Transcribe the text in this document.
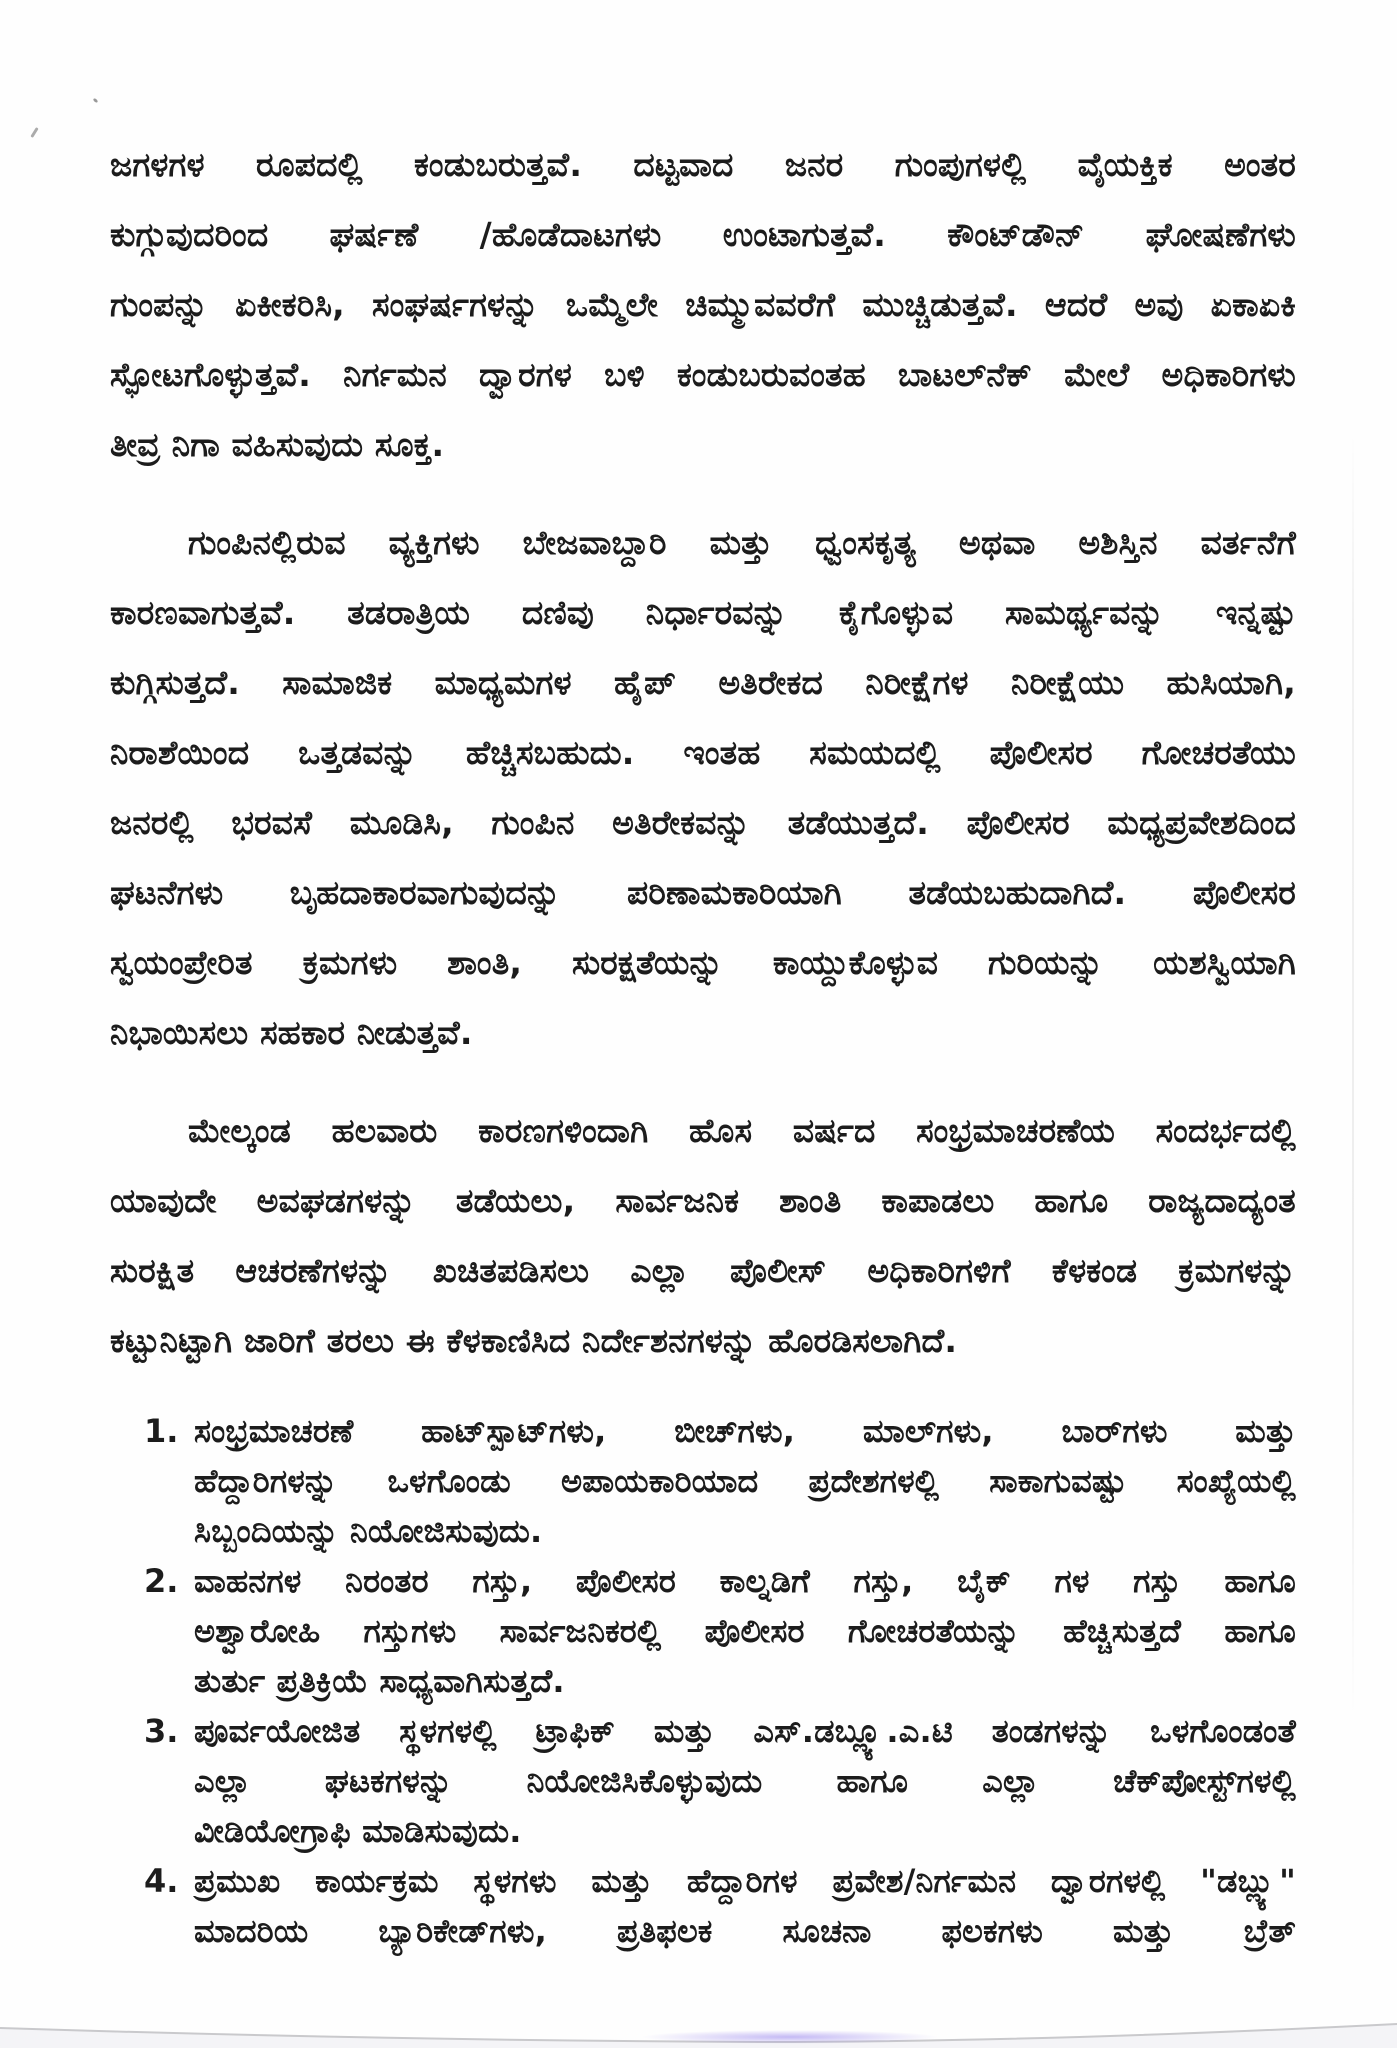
ಜಗಳಗಳ ರೂಪದಲ್ಲಿ ಕಂಡುಬರುತ್ತವೆ. ದಟ್ಟವಾದ ಜನರ ಗುಂಪುಗಳಲ್ಲಿ ವೈಯಕ್ತಿಕ ಅಂತರ
ಕುಗ್ಗುವುದರಿಂದ ಘರ್ಷಣೆ /ಹೊಡೆದಾಟಗಳು ಉಂಟಾಗುತ್ತವೆ. ಕೌಂಟ್‌ಡೌನ್ ಘೋಷಣೆಗಳು
ಗುಂಪನ್ನು ಏಕೀಕರಿಸಿ, ಸಂಘರ್ಷಗಳನ್ನು ಒಮ್ಮೆಲೇ ಚಿಮ್ಮುವವರೆಗೆ ಮುಚ್ಚಿಡುತ್ತವೆ. ಆದರೆ ಅವು ಏಕಾಏಕಿ
ಸ್ಫೋಟಗೊಳ್ಳುತ್ತವೆ. ನಿರ್ಗಮನ ದ್ವಾರಗಳ ಬಳಿ ಕಂಡುಬರುವಂತಹ ಬಾಟಲ್‌ನೆಕ್ ಮೇಲೆ ಅಧಿಕಾರಿಗಳು
ತೀವ್ರ ನಿಗಾ ವಹಿಸುವುದು ಸೂಕ್ತ.
ಗುಂಪಿನಲ್ಲಿರುವ ವ್ಯಕ್ತಿಗಳು ಬೇಜವಾಬ್ದಾರಿ ಮತ್ತು ಧ್ವಂಸಕೃತ್ಯ ಅಥವಾ ಅಶಿಸ್ತಿನ ವರ್ತನೆಗೆ
ಕಾರಣವಾಗುತ್ತವೆ. ತಡರಾತ್ರಿಯ ದಣಿವು ನಿರ್ಧಾರವನ್ನು ಕೈಗೊಳ್ಳುವ ಸಾಮರ್ಥ್ಯವನ್ನು ಇನ್ನಷ್ಟು
ಕುಗ್ಗಿಸುತ್ತದೆ. ಸಾಮಾಜಿಕ ಮಾಧ್ಯಮಗಳ ಹೈಪ್ ಅತಿರೇಕದ ನಿರೀಕ್ಷೆಗಳ ನಿರೀಕ್ಷೆಯು ಹುಸಿಯಾಗಿ,
ನಿರಾಶೆಯಿಂದ ಒತ್ತಡವನ್ನು ಹೆಚ್ಚಿಸಬಹುದು. ಇಂತಹ ಸಮಯದಲ್ಲಿ ಪೊಲೀಸರ ಗೋಚರತೆಯು
ಜನರಲ್ಲಿ ಭರವಸೆ ಮೂಡಿಸಿ, ಗುಂಪಿನ ಅತಿರೇಕವನ್ನು ತಡೆಯುತ್ತದೆ. ಪೊಲೀಸರ ಮಧ್ಯಪ್ರವೇಶದಿಂದ
ಘಟನೆಗಳು ಬೃಹದಾಕಾರವಾಗುವುದನ್ನು ಪರಿಣಾಮಕಾರಿಯಾಗಿ ತಡೆಯಬಹುದಾಗಿದೆ. ಪೊಲೀಸರ
ಸ್ವಯಂಪ್ರೇರಿತ ಕ್ರಮಗಳು ಶಾಂತಿ, ಸುರಕ್ಷತೆಯನ್ನು ಕಾಯ್ದುಕೊಳ್ಳುವ ಗುರಿಯನ್ನು ಯಶಸ್ವಿಯಾಗಿ
ನಿಭಾಯಿಸಲು ಸಹಕಾರ ನೀಡುತ್ತವೆ.
ಮೇಲ್ಕಂಡ ಹಲವಾರು ಕಾರಣಗಳಿಂದಾಗಿ ಹೊಸ ವರ್ಷದ ಸಂಭ್ರಮಾಚರಣೆಯ ಸಂದರ್ಭದಲ್ಲಿ
ಯಾವುದೇ ಅವಘಡಗಳನ್ನು ತಡೆಯಲು, ಸಾರ್ವಜನಿಕ ಶಾಂತಿ ಕಾಪಾಡಲು ಹಾಗೂ ರಾಜ್ಯದಾದ್ಯಂತ
ಸುರಕ್ಷಿತ ಆಚರಣೆಗಳನ್ನು ಖಚಿತಪಡಿಸಲು ಎಲ್ಲಾ ಪೊಲೀಸ್ ಅಧಿಕಾರಿಗಳಿಗೆ ಕೆಳಕಂಡ ಕ್ರಮಗಳನ್ನು
ಕಟ್ಟುನಿಟ್ಟಾಗಿ ಜಾರಿಗೆ ತರಲು ಈ ಕೆಳಕಾಣಿಸಿದ ನಿರ್ದೇಶನಗಳನ್ನು ಹೊರಡಿಸಲಾಗಿದೆ.
1. ಸಂಭ್ರಮಾಚರಣೆ ಹಾಟ್‌ಸ್ಪಾಟ್‌ಗಳು, ಬೀಚ್‌ಗಳು, ಮಾಲ್‌ಗಳು, ಬಾರ್‌ಗಳು ಮತ್ತು
ಹೆದ್ದಾರಿಗಳನ್ನು ಒಳಗೊಂಡು ಅಪಾಯಕಾರಿಯಾದ ಪ್ರದೇಶಗಳಲ್ಲಿ ಸಾಕಾಗುವಷ್ಟು ಸಂಖ್ಯೆಯಲ್ಲಿ
ಸಿಬ್ಬಂದಿಯನ್ನು ನಿಯೋಜಿಸುವುದು.
2. ವಾಹನಗಳ ನಿರಂತರ ಗಸ್ತು, ಪೊಲೀಸರ ಕಾಲ್ನಡಿಗೆ ಗಸ್ತು, ಬೈಕ್ ಗಳ ಗಸ್ತು ಹಾಗೂ
ಅಶ್ವಾರೋಹಿ ಗಸ್ತುಗಳು ಸಾರ್ವಜನಿಕರಲ್ಲಿ ಪೊಲೀಸರ ಗೋಚರತೆಯನ್ನು ಹೆಚ್ಚಿಸುತ್ತದೆ ಹಾಗೂ
ತುರ್ತು ಪ್ರತಿಕ್ರಿಯೆ ಸಾಧ್ಯವಾಗಿಸುತ್ತದೆ.
3. ಪೂರ್ವಯೋಜಿತ ಸ್ಥಳಗಳಲ್ಲಿ ಟ್ರಾಫಿಕ್ ಮತ್ತು ಎಸ್.ಡಬ್ಲ್ಯೂ.ಎ.ಟಿ ತಂಡಗಳನ್ನು ಒಳಗೊಂಡಂತೆ
ಎಲ್ಲಾ ಘಟಕಗಳನ್ನು ನಿಯೋಜಿಸಿಕೊಳ್ಳುವುದು ಹಾಗೂ ಎಲ್ಲಾ ಚೆಕ್‌ಪೋಸ್ಟ್‌ಗಳಲ್ಲಿ
ವೀಡಿಯೋಗ್ರಾಫಿ ಮಾಡಿಸುವುದು.
4. ಪ್ರಮುಖ ಕಾರ್ಯಕ್ರಮ ಸ್ಥಳಗಳು ಮತ್ತು ಹೆದ್ದಾರಿಗಳ ಪ್ರವೇಶ/ನಿರ್ಗಮನ ದ್ವಾರಗಳಲ್ಲಿ "ಡಬ್ಲ್ಯು"
ಮಾದರಿಯ ಬ್ಯಾರಿಕೇಡ್‌ಗಳು, ಪ್ರತಿಫಲಕ ಸೂಚನಾ ಫಲಕಗಳು ಮತ್ತು ಬ್ರೆತ್
